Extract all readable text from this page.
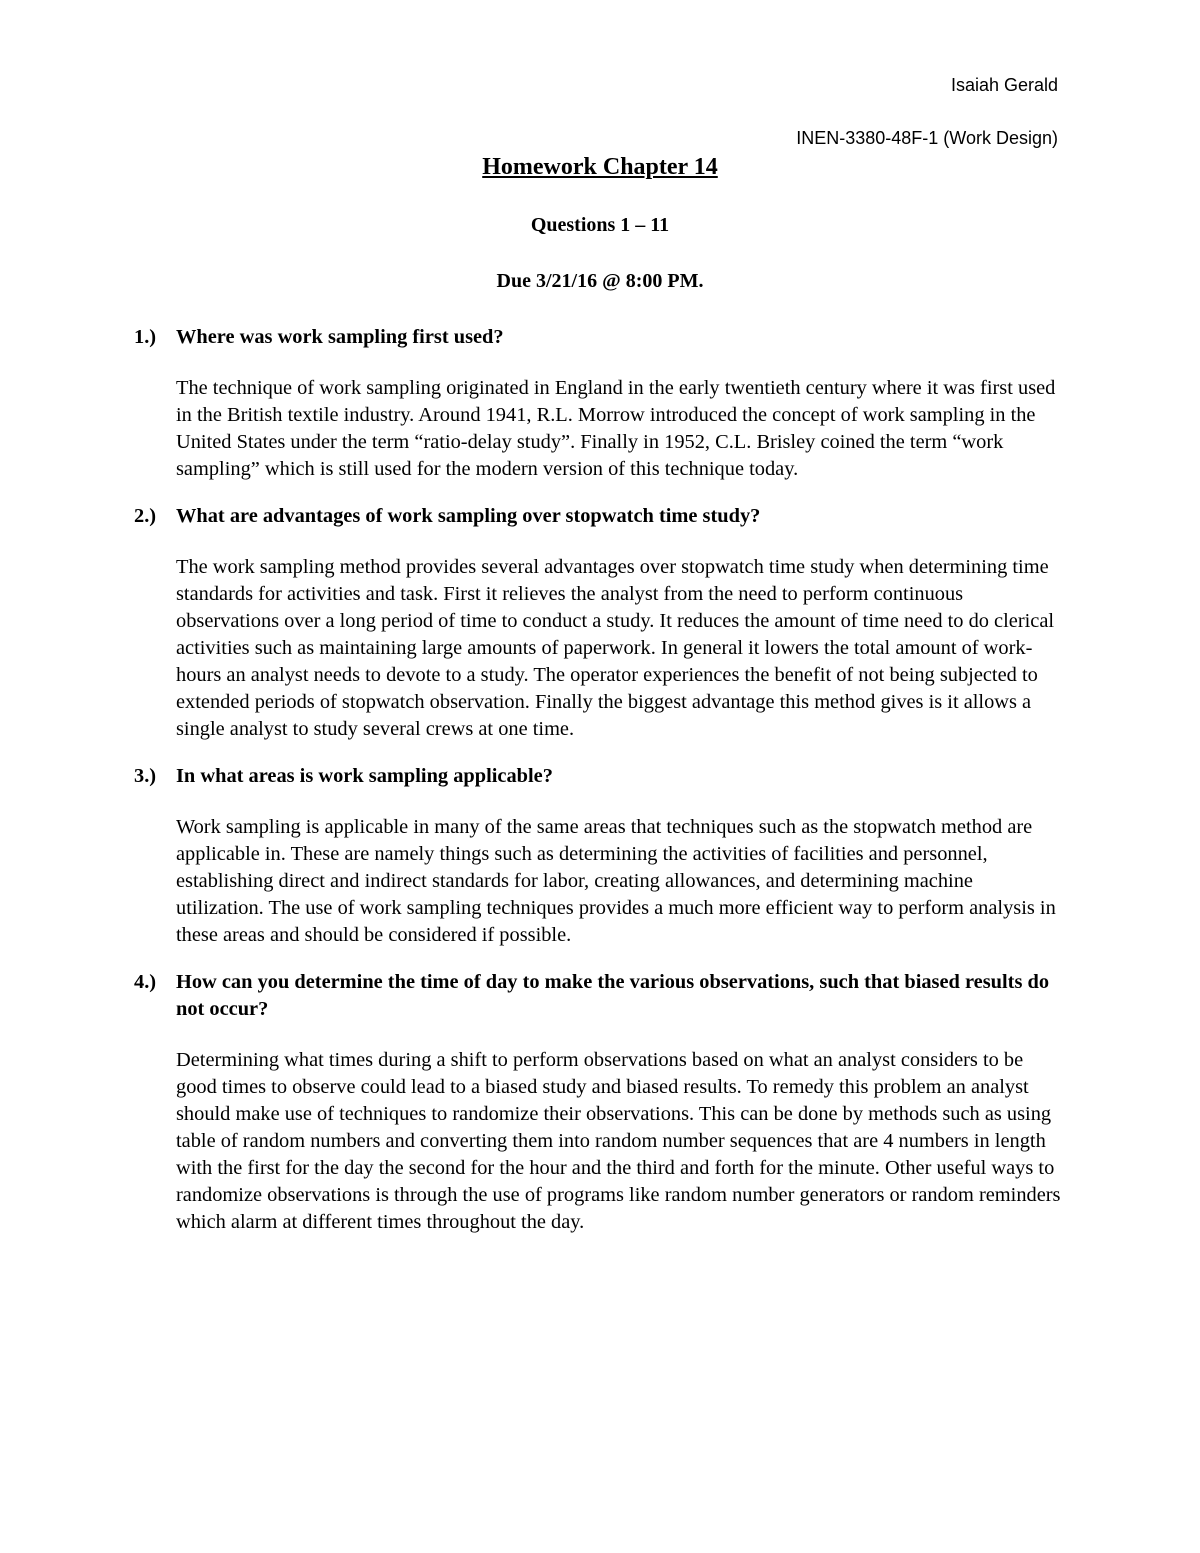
Isaiah Gerald
INEN-3380-48F-1 (Work Design)
Homework Chapter 14
Questions 1 – 11
Due 3/21/16 @ 8:00 PM.
1.) Where was work sampling first used?
The technique of work sampling originated in England in the early twentieth century where it was first used in the British textile industry. Around 1941, R.L. Morrow introduced the concept of work sampling in the United States under the term “ratio-delay study”. Finally in 1952, C.L. Brisley coined the term “work sampling” which is still used for the modern version of this technique today.
2.) What are advantages of work sampling over stopwatch time study?
The work sampling method provides several advantages over stopwatch time study when determining time standards for activities and task. First it relieves the analyst from the need to perform continuous observations over a long period of time to conduct a study. It reduces the amount of time need to do clerical activities such as maintaining large amounts of paperwork. In general it lowers the total amount of work-hours an analyst needs to devote to a study. The operator experiences the benefit of not being subjected to extended periods of stopwatch observation. Finally the biggest advantage this method gives is it allows a single analyst to study several crews at one time.
3.) In what areas is work sampling applicable?
Work sampling is applicable in many of the same areas that techniques such as the stopwatch method are applicable in. These are namely things such as determining the activities of facilities and personnel, establishing direct and indirect standards for labor, creating allowances, and determining machine utilization. The use of work sampling techniques provides a much more efficient way to perform analysis in these areas and should be considered if possible.
4.) How can you determine the time of day to make the various observations, such that biased results do not occur?
Determining what times during a shift to perform observations based on what an analyst considers to be good times to observe could lead to a biased study and biased results. To remedy this problem an analyst should make use of techniques to randomize their observations. This can be done by methods such as using table of random numbers and converting them into random number sequences that are 4 numbers in length with the first for the day the second for the hour and the third and forth for the minute. Other useful ways to randomize observations is through the use of programs like random number generators or random reminders which alarm at different times throughout the day.
